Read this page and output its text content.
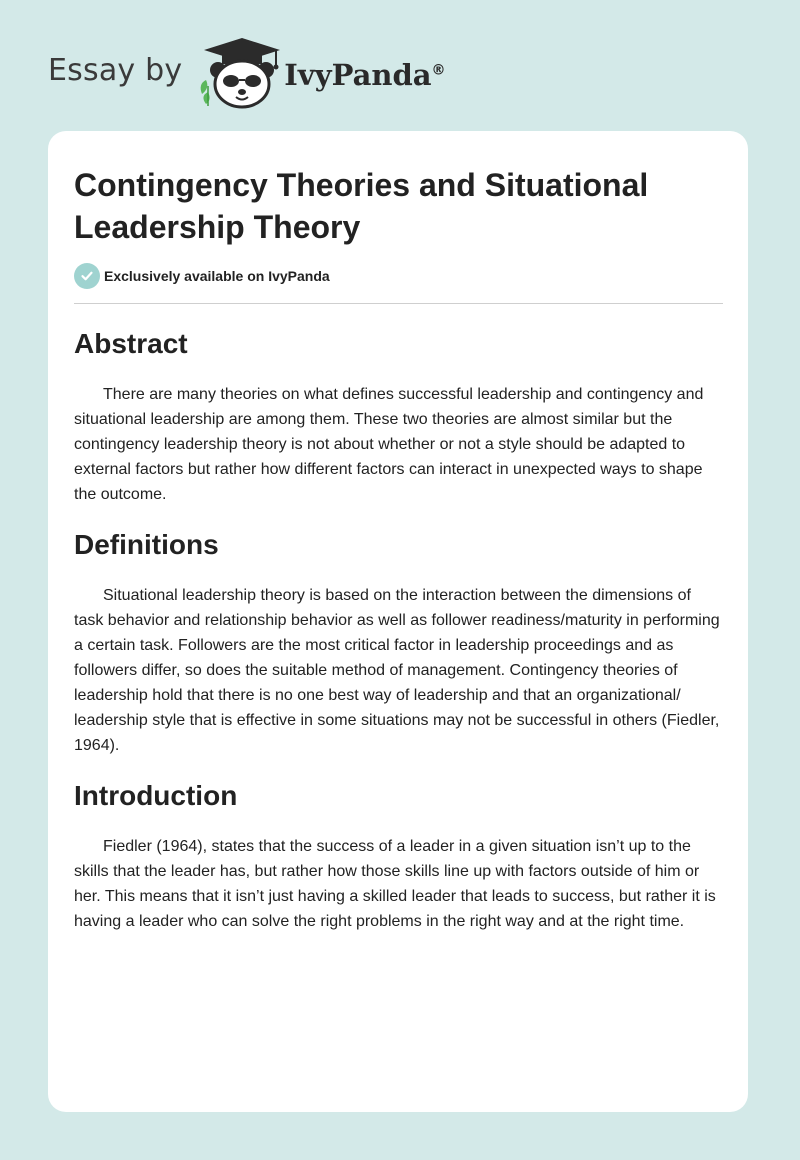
Essay by	IvyPanda®
Contingency Theories and Situational Leadership Theory
Exclusively available on IvyPanda
Abstract

There are many theories on what defines successful leadership and contingency and situational leadership are among them. These two theories are almost similar but the contingency leadership theory is not about whether or not a style should be adapted to external factors but rather how different factors can interact in unexpected ways to shape the outcome.

Definitions

Situational leadership theory is based on the interaction between the dimensions of task behavior and relationship behavior as well as follower readiness/maturity in performing a certain task. Followers are the most critical factor in leadership proceedings and as followers differ, so does the suitable method of management. Contingency theories of leadership hold that there is no one best way of leadership and that an organizational/ leadership style that is effective in some situations may not be successful in others (Fiedler, 1964).

Introduction

Fiedler (1964), states that the success of a leader in a given situation isn’t up to the skills that the leader has, but rather how those skills line up with factors outside of him or her. This means that it isn’t just having a skilled leader that leads to success, but rather it is having a leader who can solve the right problems in the right way and at the right time.
